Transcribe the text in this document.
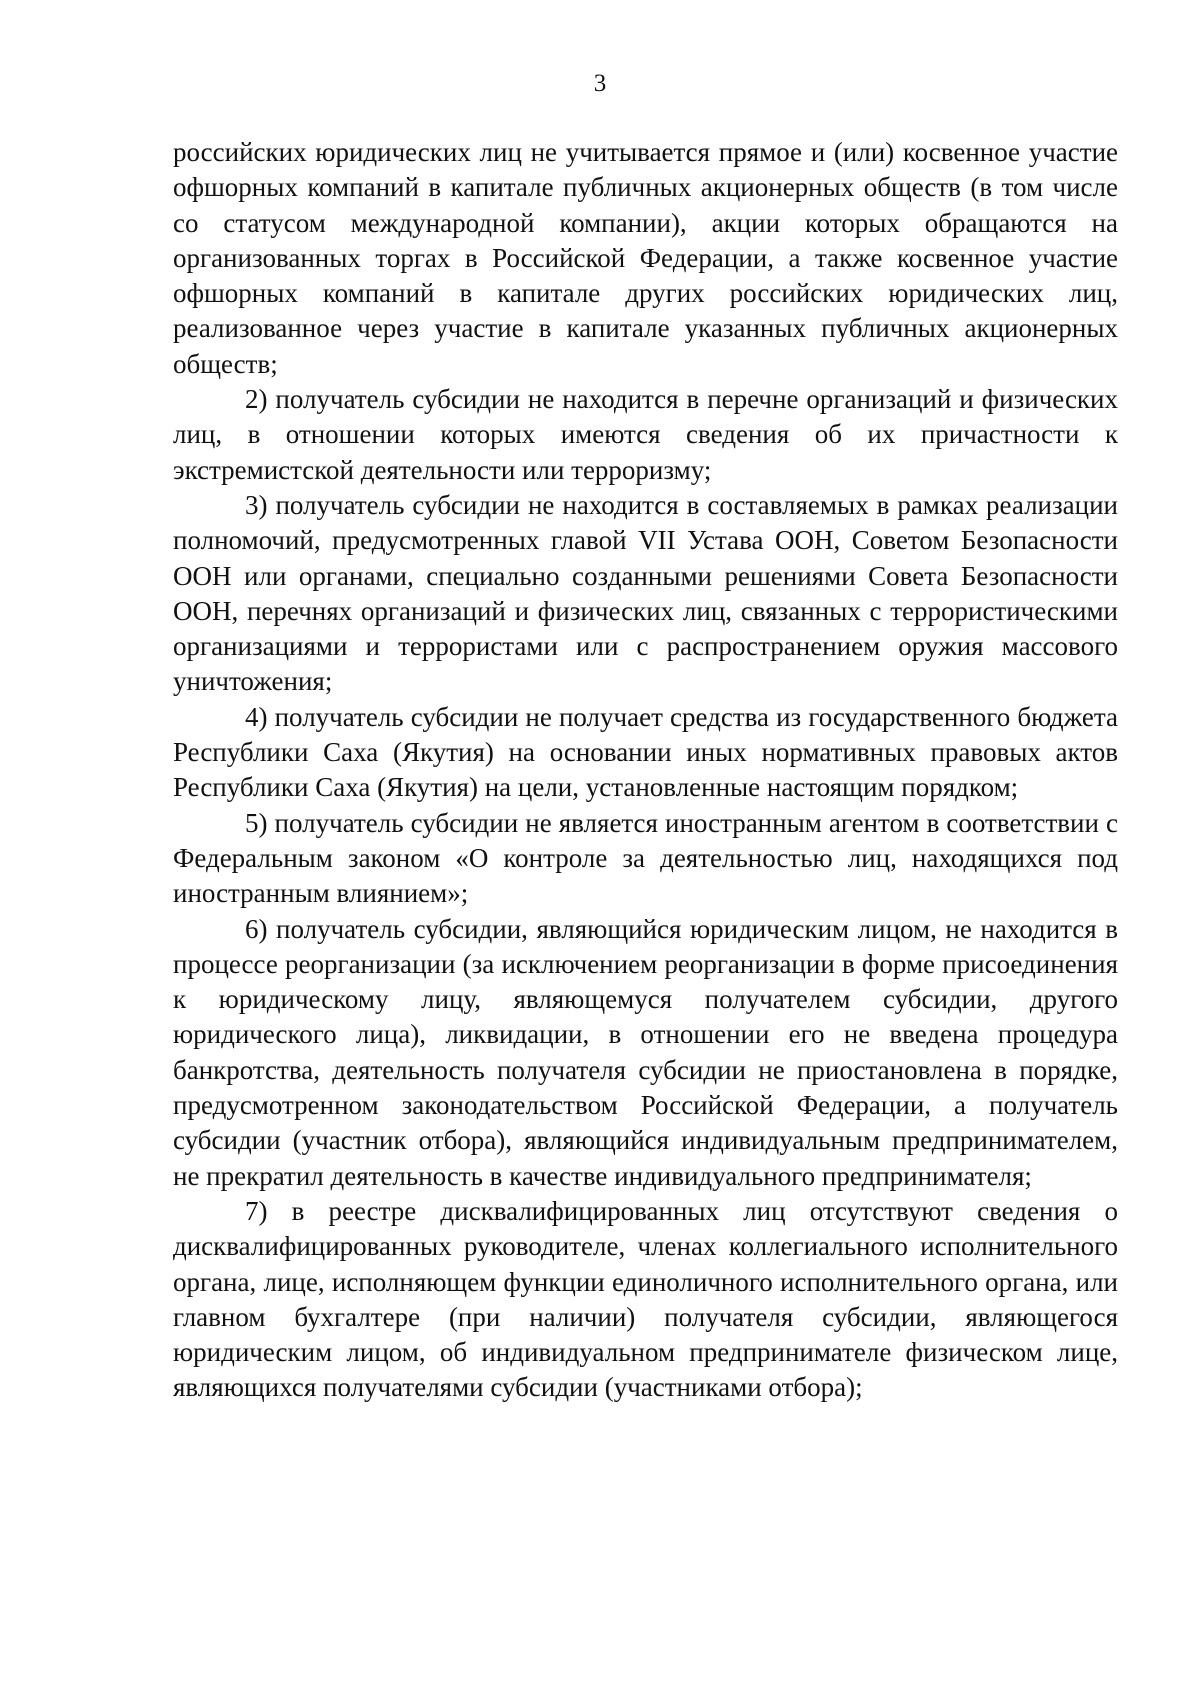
3

российских юридических лиц не учитывается прямое и (или) косвенное участие офшорных компаний в капитале публичных акционерных обществ (в том числе со статусом международной компании), акции которых обращаются на организованных торгах в Российской Федерации, а также косвенное участие офшорных компаний в капитале других российских юридических лиц, реализованное через участие в капитале указанных публичных акционерных обществ;

2) получатель субсидии не находится в перечне организаций и физических лиц, в отношении которых имеются сведения об их причастности к экстремистской деятельности или терроризму;

3) получатель субсидии не находится в составляемых в рамках реализации полномочий, предусмотренных главой VII Устава ООН, Советом Безопасности ООН или органами, специально созданными решениями Совета Безопасности ООН, перечнях организаций и физических лиц, связанных с террористическими организациями и террористами или с распространением оружия массового уничтожения;

4) получатель субсидии не получает средства из государственного бюджета Республики Саха (Якутия) на основании иных нормативных правовых актов Республики Саха (Якутия) на цели, установленные настоящим порядком;

5) получатель субсидии не является иностранным агентом в соответствии с Федеральным законом «О контроле за деятельностью лиц, находящихся под иностранным влиянием»;

6) получатель субсидии, являющийся юридическим лицом, не находится в процессе реорганизации (за исключением реорганизации в форме присоединения к юридическому лицу, являющемуся получателем субсидии, другого юридического лица), ликвидации, в отношении его не введена процедура банкротства, деятельность получателя субсидии не приостановлена в порядке, предусмотренном законодательством Российской Федерации, а получатель субсидии (участник отбора), являющийся индивидуальным предпринимателем, не прекратил деятельность в качестве индивидуального предпринимателя;

7) в реестре дисквалифицированных лиц отсутствуют сведения о дисквалифицированных руководителе, членах коллегиального исполнительного органа, лице, исполняющем функции единоличного исполнительного органа, или главном бухгалтере (при наличии) получателя субсидии, являющегося юридическим лицом, об индивидуальном предпринимателе физическом лице, являющихся получателями субсидии (участниками отбора);
